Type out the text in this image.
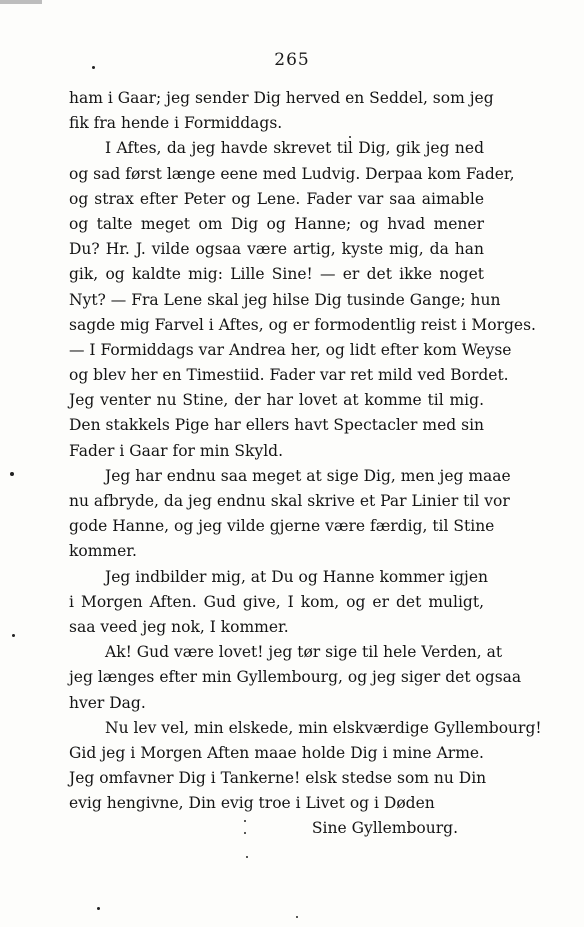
265
ham i Gaar; jeg sender Dig herved en Seddel, som jeg
fik fra hende i Formiddags.
I Aftes, da jeg havde skrevet til Dig, gik jeg ned
og sad først længe eene med Ludvig. Derpaa kom Fader,
og strax efter Peter og Lene. Fader var saa aimable
og talte meget om Dig og Hanne; og hvad mener
Du? Hr. J. vilde ogsaa være artig, kyste mig, da han
gik, og kaldte mig: Lille Sine! — er det ikke noget
Nyt? — Fra Lene skal jeg hilse Dig tusinde Gange; hun
sagde mig Farvel i Aftes, og er formodentlig reist i Morges.
— I Formiddags var Andrea her, og lidt efter kom Weyse
og blev her en Timestiid. Fader var ret mild ved Bordet.
Jeg venter nu Stine, der har lovet at komme til mig.
Den stakkels Pige har ellers havt Spectacler med sin
Fader i Gaar for min Skyld.
Jeg har endnu saa meget at sige Dig, men jeg maae
nu afbryde, da jeg endnu skal skrive et Par Linier til vor
gode Hanne, og jeg vilde gjerne være færdig, til Stine
kommer.
Jeg indbilder mig, at Du og Hanne kommer igjen
i Morgen Aften. Gud give, I kom, og er det muligt,
saa veed jeg nok, I kommer.
Ak! Gud være lovet! jeg tør sige til hele Verden, at
jeg længes efter min Gyllembourg, og jeg siger det ogsaa
hver Dag.
Nu lev vel, min elskede, min elskværdige Gyllembourg!
Gid jeg i Morgen Aften maae holde Dig i mine Arme.
Jeg omfavner Dig i Tankerne! elsk stedse som nu Din
evig hengivne, Din evig troe i Livet og i Døden
Sine Gyllembourg.
